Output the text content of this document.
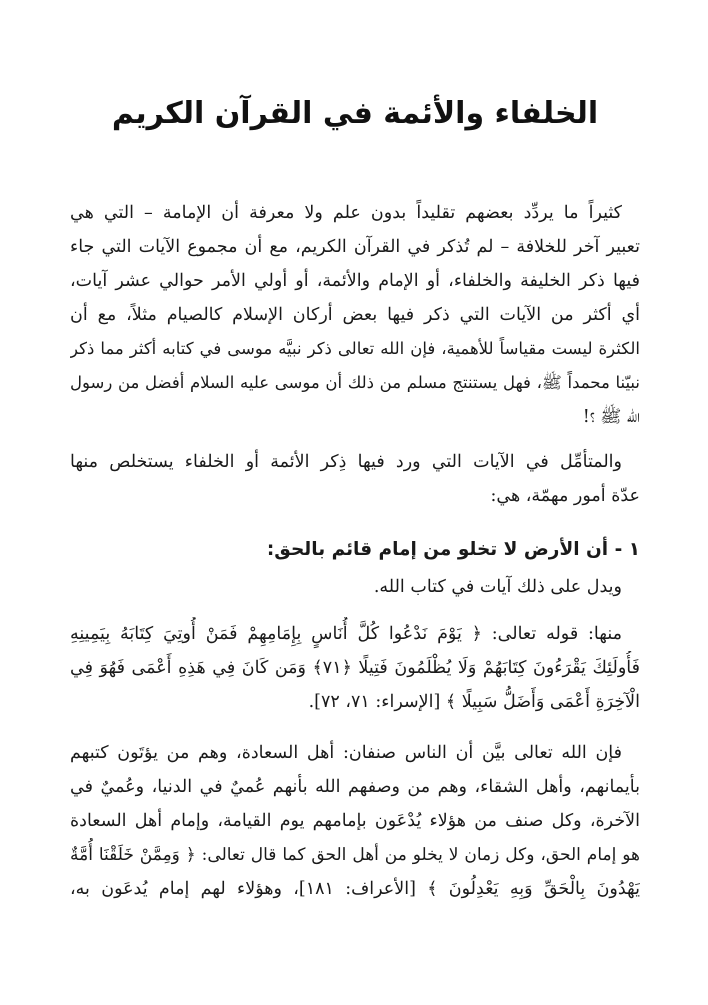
الخلفاء والأئمة في القرآن الكريم

كثيراً ما يردِّد بعضهم تقليداً بدون علم ولا معرفة أن الإمامة – التي هي
تعبير آخر للخلافة – لم تُذكر في القرآن الكريم، مع أن مجموع الآيات التي جاء
فيها ذكر الخليفة والخلفاء، أو الإمام والأئمة، أو أولي الأمر حوالي عشر آيات،
أي أكثر من الآيات التي ذكر فيها بعض أركان الإسلام كالصيام مثلاً، مع أن
الكثرة ليست مقياساً للأهمية، فإن الله تعالى ذكر نبيَّه موسى في كتابه أكثر مما ذكر
نبيّنا محمداً ﷺ، فهل يستنتج مسلم من ذلك أن موسى عليه السلام أفضل من رسول
الله ﷺ ؟!

والمتأمِّل في الآيات التي ورد فيها ذِكر الأئمة أو الخلفاء يستخلص منها
عدّة أمور مهمّة، هي:

١ - أن الأرض لا تخلو من إمام قائم بالحق:

ويدل على ذلك آيات في كتاب الله.

منها: قوله تعالى: ﴿ يَوْمَ نَدْعُوا كُلَّ أُنَاسٍ بِإِمَامِهِمْ فَمَنْ أُوتِيَ كِتَابَهُ بِيَمِينِهِ
فَأُولَئِكَ يَقْرَءُونَ كِتَابَهُمْ وَلَا يُظْلَمُونَ فَتِيلًا ﴿٧١﴾ وَمَن كَانَ فِي هَذِهِ أَعْمَى فَهُوَ فِي
الْآخِرَةِ أَعْمَى وَأَضَلُّ سَبِيلًا ﴾ [الإسراء: ٧١، ٧٢].

فإن الله تعالى بيَّن أن الناس صنفان: أهل السعادة، وهم من يؤتَون كتبهم
بأيمانهم، وأهل الشقاء، وهم من وصفهم الله بأنهم عُميٌ في الدنيا، وعُميٌ في
الآخرة، وكل صنف من هؤلاء يُدْعَون بإمامهم يوم القيامة، وإمام أهل السعادة
هو إمام الحق، وكل زمان لا يخلو من أهل الحق كما قال تعالى: ﴿ وَمِمَّنْ خَلَقْنَا أُمَّةٌ
يَهْدُونَ بِالْحَقِّ وَبِهِ يَعْدِلُونَ ﴾ [الأعراف: ١٨١]، وهؤلاء لهم إمام يُدعَون به،
